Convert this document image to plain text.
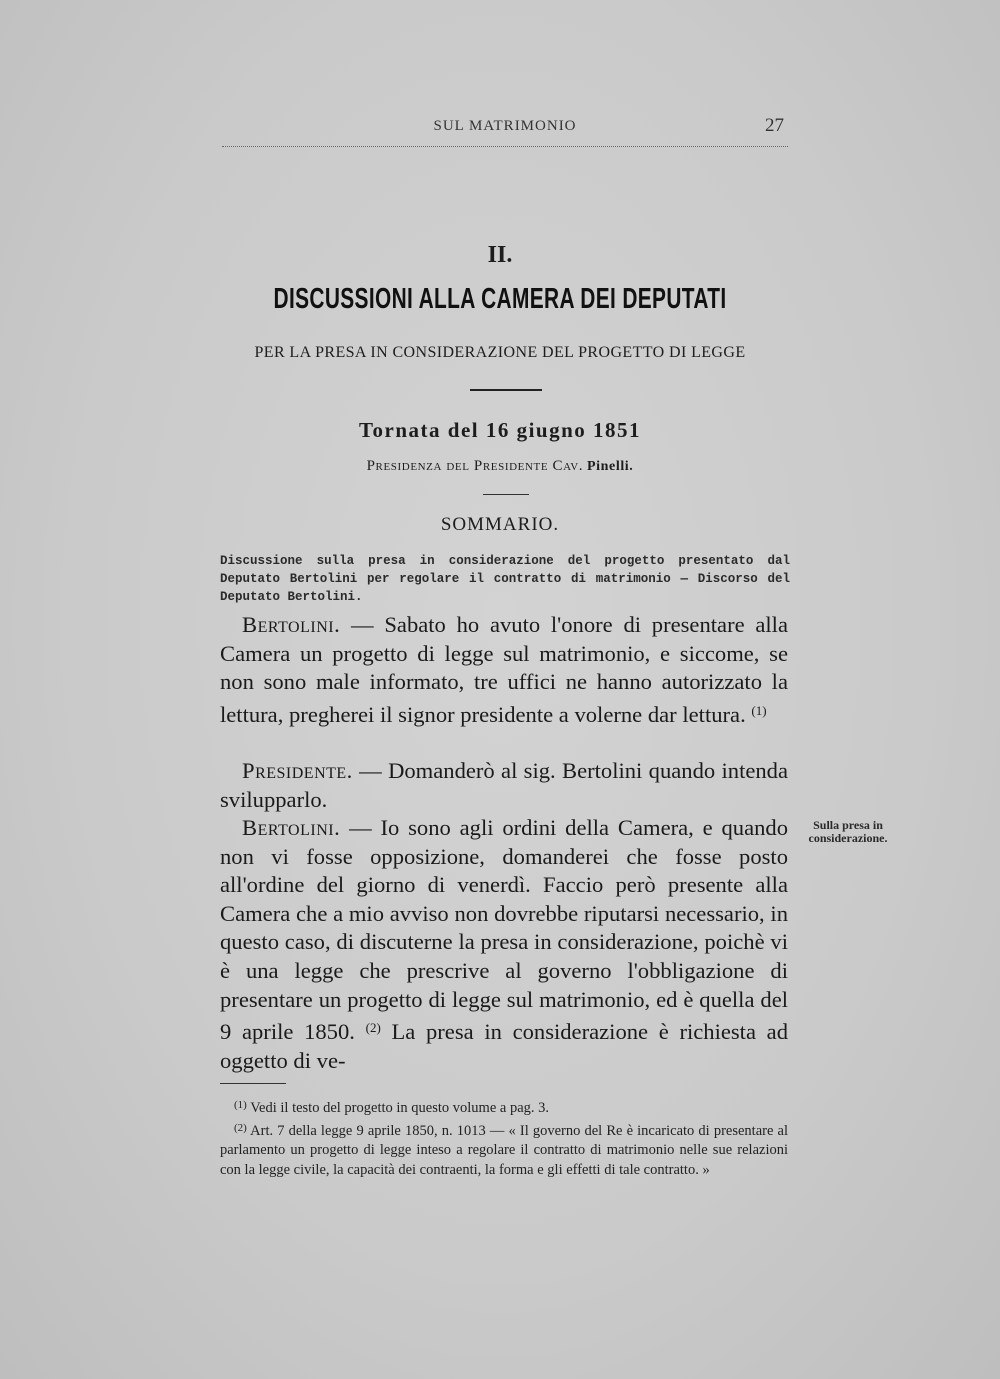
SUL MATRIMONIO	27
II.
DISCUSSIONI ALLA CAMERA DEI DEPUTATI
PER LA PRESA IN CONSIDERAZIONE DEL PROGETTO DI LEGGE
Tornata del 16 giugno 1851
Presidenza del Presidente Cav. Pinelli.
SOMMARIO.
Discussione sulla presa in considerazione del progetto presentato dal Deputato Bertolini per regolare il contratto di matrimonio — Discorso del Deputato Bertolini.

Bertolini. — Sabato ho avuto l'onore di presentare alla Camera un progetto di legge sul matrimonio, e siccome, se non sono male informato, tre uffici ne hanno autorizzato la lettura, pregherei il signor presidente a volerne dar lettura. $^{(1)}$

Presidente. — Domanderò al sig. Bertolini quando intenda svilupparlo.

Bertolini. — Io sono agli ordini della Camera, e quando non vi fosse opposizione, domanderei che fosse posto all'ordine del giorno di venerdì. Faccio però presente alla Camera che a mio avviso non dovrebbe riputarsi necessario, in questo caso, di discuterne la presa in considerazione, poichè vi è una legge che prescrive al governo l'obbligazione di presentare un progetto di legge sul matrimonio, ed è quella del 9 aprile 1850. $^{(2)}$ La presa in considerazione è richiesta ad oggetto di ve-

Sulla presa in
considerazione.

$^{(1)}$ Vedi il testo del progetto in questo volume a pag. 3.

$^{(2)}$ Art. 7 della legge 9 aprile 1850, n. 1013 — « Il governo del Re è incaricato di presentare al parlamento un progetto di legge inteso a regolare il contratto di matrimonio nelle sue relazioni con la legge civile, la capacità dei contraenti, la forma e gli effetti di tale contratto. »
